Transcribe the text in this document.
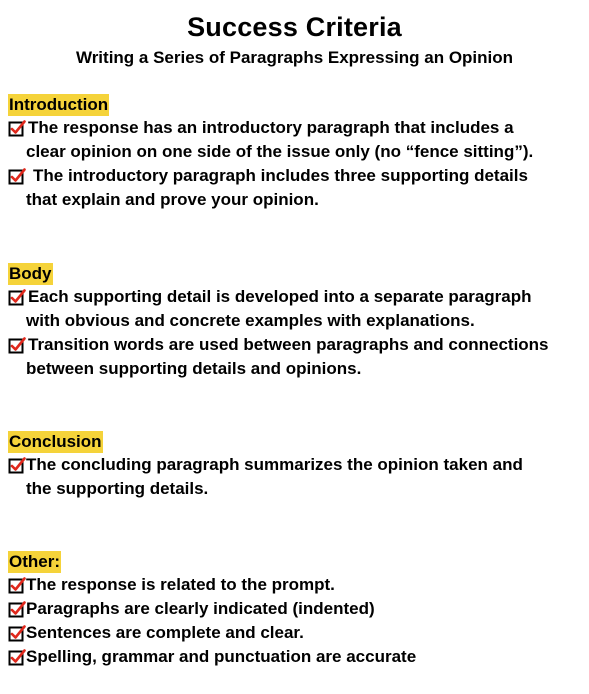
Success Criteria
Writing a Series of Paragraphs Expressing an Opinion
Introduction
The response has an introductory paragraph that includes a
clear opinion on one side of the issue only (no “fence sitting”).
The introductory paragraph includes three supporting details
that explain and prove your opinion.
Body
Each supporting detail is developed into a separate paragraph
with obvious and concrete examples with explanations.
Transition words are used between paragraphs and connections
between supporting details and opinions.
Conclusion
The concluding paragraph summarizes the opinion taken and
the supporting details.
Other:
The response is related to the prompt.
Paragraphs are clearly indicated (indented)
Sentences are complete and clear.
Spelling, grammar and punctuation are accurate
